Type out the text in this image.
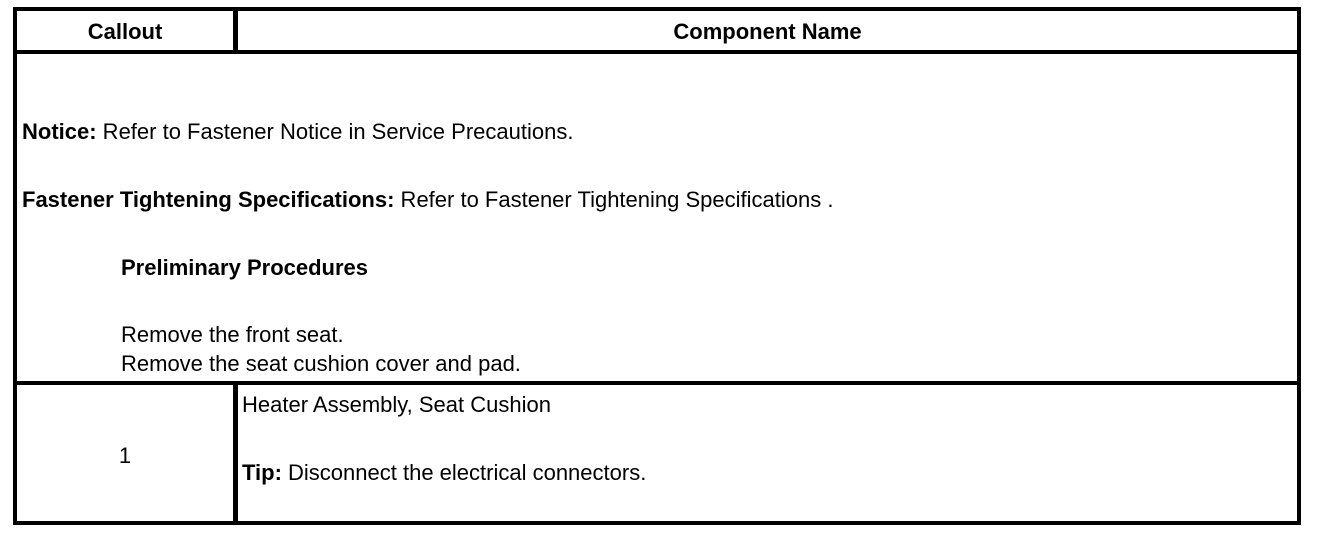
Callout	Component Name
Notice: Refer to Fastener Notice in Service Precautions.
Fastener Tightening Specifications: Refer to Fastener Tightening Specifications .
Preliminary Procedures
Remove the front seat.
Remove the seat cushion cover and pad.
1
Heater Assembly, Seat Cushion
Tip: Disconnect the electrical connectors.
